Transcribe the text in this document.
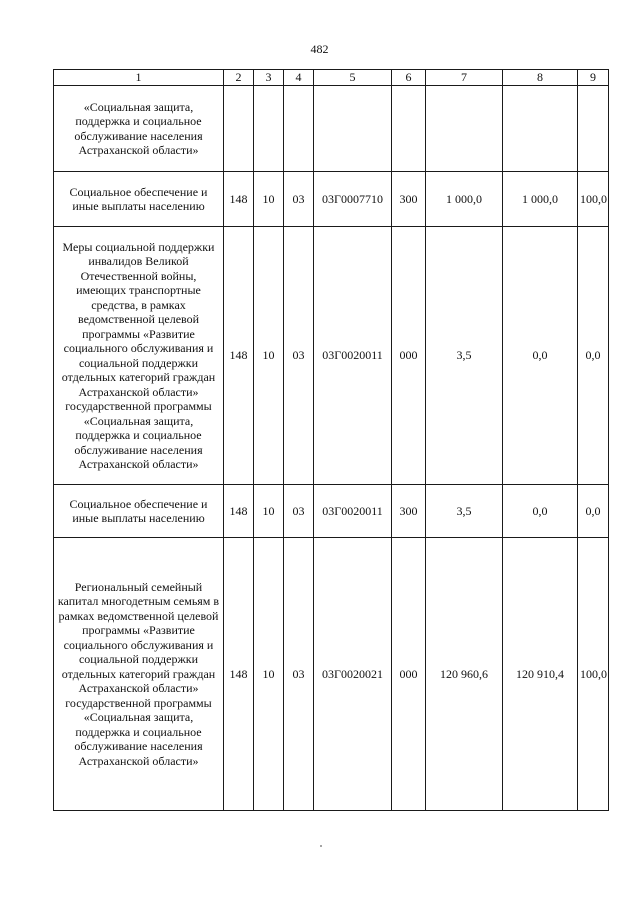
482
1	2	3	4	5	6	7	8	9
«Социальная защита, поддержка и социальное обслуживание населения Астраханской области»								
Социальное обеспечение и иные выплаты населению	148	10	03	03Г0007710	300	1 000,0	1 000,0	100,0
Меры социальной поддержки инвалидов Великой Отечественной войны, имеющих транспортные средства, в рамках ведомственной целевой программы «Развитие социального обслуживания и социальной поддержки отдельных категорий граждан Астраханской области» государственной программы «Социальная защита, поддержка и социальное обслуживание населения Астраханской области»	148	10	03	03Г0020011	000	3,5	0,0	0,0
Социальное обеспечение и иные выплаты населению	148	10	03	03Г0020011	300	3,5	0,0	0,0
Региональный семейный капитал многодетным семьям в рамках ведомственной целевой программы «Развитие социального обслуживания и социальной поддержки отдельных категорий граждан Астраханской области» государственной программы «Социальная защита, поддержка и социальное обслуживание населения Астраханской области»	148	10	03	03Г0020021	000	120 960,6	120 910,4	100,0
